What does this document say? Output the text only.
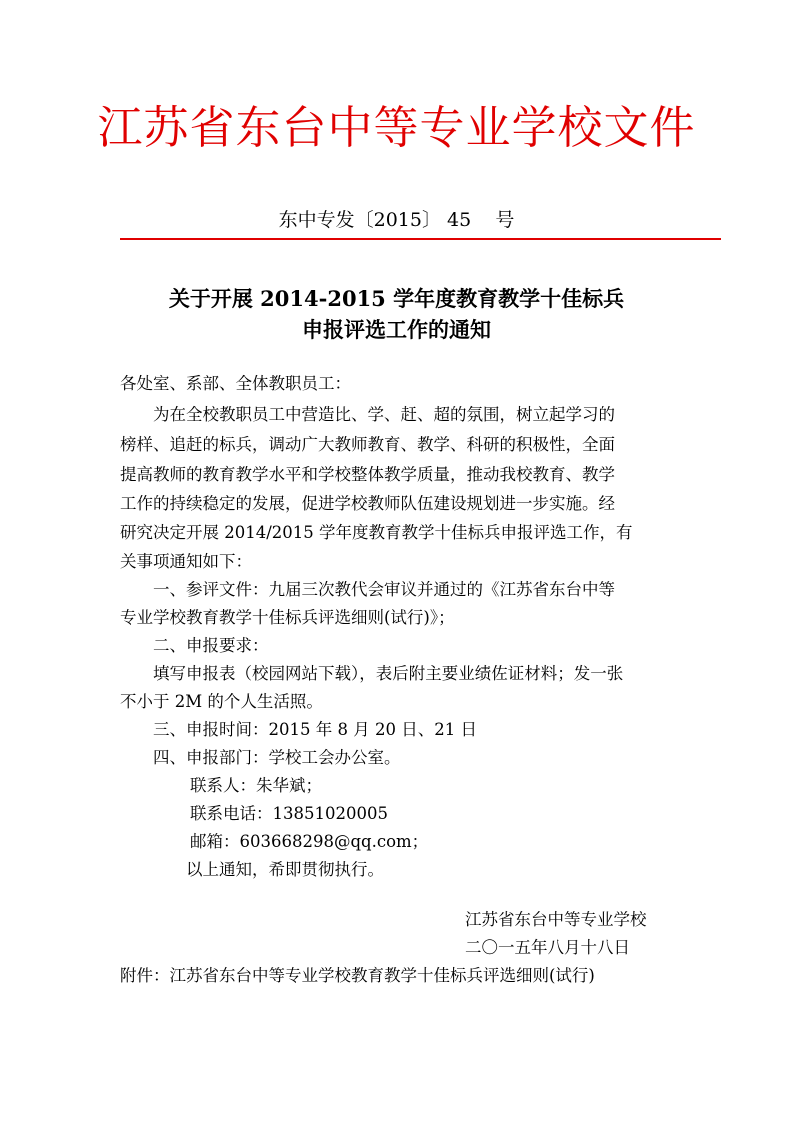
江苏省东台中等专业学校文件
东中专发〔2015〕 45    号
关于开展 2014-2015 学年度教育教学十佳标兵
申报评选工作的通知
各处室、系部、全体教职员工：
为在全校教职员工中营造比、学、赶、超的氛围，树立起学习的
榜样、追赶的标兵，调动广大教师教育、教学、科研的积极性，全面
提高教师的教育教学水平和学校整体教学质量，推动我校教育、教学
工作的持续稳定的发展，促进学校教师队伍建设规划进一步实施。经
研究决定开展 2014/2015 学年度教育教学十佳标兵申报评选工作，有
关事项通知如下：
一、参评文件：九届三次教代会审议并通过的《江苏省东台中等
专业学校教育教学十佳标兵评选细则(试行)》；
二、申报要求：
填写申报表（校园网站下载），表后附主要业绩佐证材料；发一张
不小于 2M 的个人生活照。
三、申报时间：2015 年 8 月 20 日、21 日
四、申报部门：学校工会办公室。
联系人：朱华斌；
联系电话：13851020005
邮箱：603668298@qq.com；
以上通知，希即贯彻执行。
江苏省东台中等专业学校
二〇一五年八月十八日
附件：江苏省东台中等专业学校教育教学十佳标兵评选细则(试行)
